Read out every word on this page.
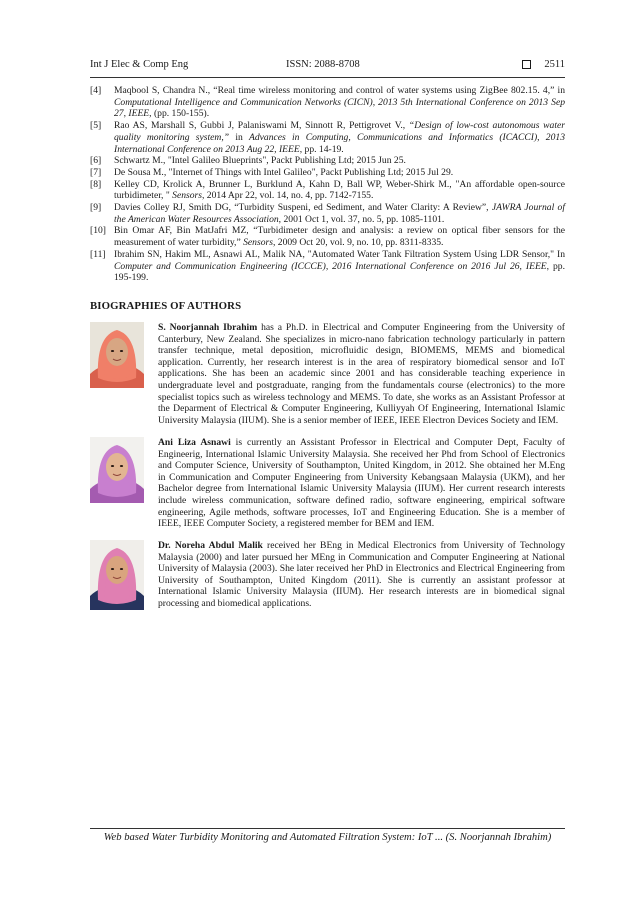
Int J Elec & Comp Eng	ISSN: 2088-8708	2511
[4]	Maqbool S, Chandra N., “Real time wireless monitoring and control of water systems using ZigBee 802.15. 4,” in Computational Intelligence and Communication Networks (CICN), 2013 5th International Conference on 2013 Sep 27, IEEE, (pp. 150-155).
[5]	Rao AS, Marshall S, Gubbi J, Palaniswami M, Sinnott R, Pettigrovet V., “Design of low-cost autonomous water quality monitoring system,” in Advances in Computing, Communications and Informatics (ICACCI), 2013 International Conference on 2013 Aug 22, IEEE, pp. 14-19.
[6]	Schwartz M., "Intel Galileo Blueprints", Packt Publishing Ltd; 2015 Jun 25.
[7]	De Sousa M., "Internet of Things with Intel Galileo", Packt Publishing Ltd; 2015 Jul 29.
[8]	Kelley CD, Krolick A, Brunner L, Burklund A, Kahn D, Ball WP, Weber-Shirk M., "An affordable open-source turbidimeter, " Sensors, 2014 Apr 22, vol. 14, no. 4, pp. 7142-7155.
[9]	Davies Colley RJ, Smith DG, “Turbidity Suspeni, ed Sediment, and Water Clarity: A Review”, JAWRA Journal of the American Water Resources Association, 2001 Oct 1, vol. 37, no. 5, pp. 1085-1101.
[10] Bin Omar AF, Bin MatJafri MZ, “Turbidimeter design and analysis: a review on optical fiber sensors for the measurement of water turbidity,” Sensors, 2009 Oct 20, vol. 9, no. 10, pp. 8311-8335.
[11] Ibrahim SN, Hakim ML, Asnawi AL, Malik NA, "Automated Water Tank Filtration System Using LDR Sensor," In Computer and Communication Engineering (ICCCE), 2016 International Conference on 2016 Jul 26, IEEE, pp. 195-199.
BIOGRAPHIES OF AUTHORS
S. Noorjannah Ibrahim has a Ph.D. in Electrical and Computer Engineering from the University of Canterbury, New Zealand. She specializes in micro-nano fabrication technology particularly in pattern transfer technique, metal deposition, microfluidic design, BIOMEMS, MEMS and biomedical application. Currently, her research interest is in the area of respiratory biomedical sensor and IoT applications. She has been an academic since 2001 and has considerable teaching experience in undergraduate level and postgraduate, ranging from the fundamentals course (electronics) to the more specialist topics such as wireless technology and MEMS. To date, she works as an Assistant Professor at the Deparment of Electrical & Computer Engineering, Kulliyyah Of Engineering, International Islamic University Malaysia (IIUM). She is a senior member of IEEE, IEEE Electron Devices Society and IEM.
Ani Liza Asnawi is currently an Assistant Professor in Electrical and Computer Dept, Faculty of Engineerig, International Islamic University Malaysia. She received her Phd from School of Electronics and Computer Science, University of Southampton, United Kingdom, in 2012. She obtained her M.Eng in Communication and Computer Engineering from University Kebangsaan Malaysia (UKM), and her Bachelor degree from International Islamic University Malaysia (IIUM). Her current research interests include wireless communication, software defined radio, software engineering, empirical software engineering, Agile methods, software processes, IoT and Engineering Education. She is a member of IEEE, IEEE Computer Society, a registered member for BEM and IEM.
Dr. Noreha Abdul Malik received her BEng in Medical Electronics from University of Technology Malaysia (2000) and later pursued her MEng in Communication and Computer Engineering at National University of Malaysia (2003). She later received her PhD in Electronics and Electrical Engineering from University of Southampton, United Kingdom (2011). She is currently an assistant professor at International Islamic University Malaysia (IIUM). Her research interests are in biomedical signal processing and biomedical applications.
Web based Water Turbidity Monitoring and Automated Filtration System: IoT ... (S. Noorjannah Ibrahim)
